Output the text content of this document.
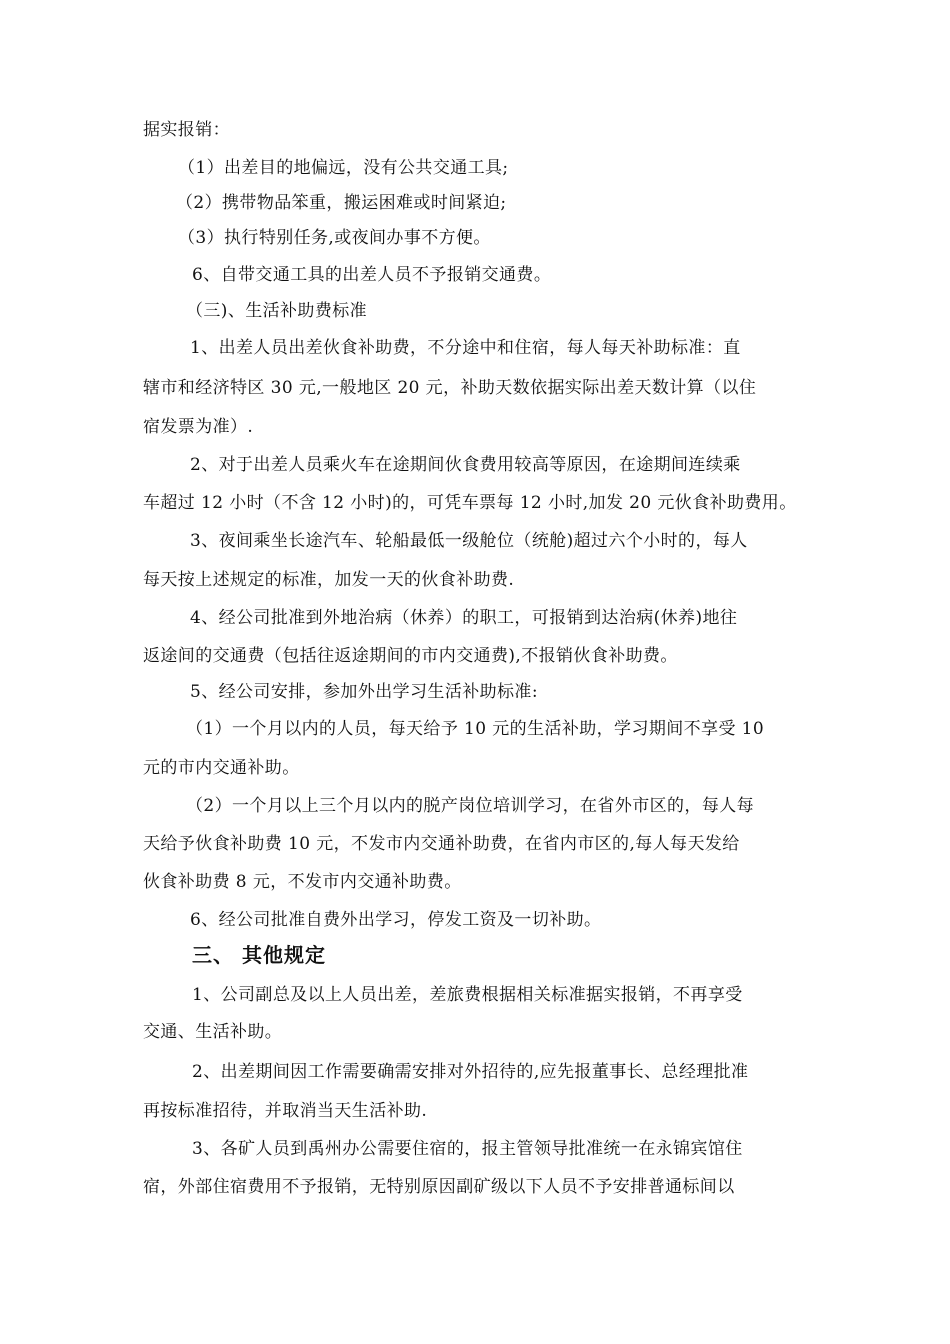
据实报销：
（1）出差目的地偏远，没有公共交通工具;
（2）携带物品笨重，搬运困难或时间紧迫;
（3）执行特别任务,或夜间办事不方便。
6、自带交通工具的出差人员不予报销交通费。
（三)、生活补助费标准
1、出差人员出差伙食补助费，不分途中和住宿，每人每天补助标准：直
辖市和经济特区 30 元,一般地区 20 元，补助天数依据实际出差天数计算（以住
宿发票为准）.
2、对于出差人员乘火车在途期间伙食费用较高等原因，在途期间连续乘
车超过 12 小时（不含 12 小时)的，可凭车票每 12 小时,加发 20 元伙食补助费用。
3、夜间乘坐长途汽车、轮船最低一级舱位（统舱)超过六个小时的，每人
每天按上述规定的标准，加发一天的伙食补助费.
4、经公司批准到外地治病（休养）的职工，可报销到达治病(休养)地往
返途间的交通费（包括往返途期间的市内交通费),不报销伙食补助费。
5、经公司安排，参加外出学习生活补助标准:
（1）一个月以内的人员，每天给予 10 元的生活补助，学习期间不享受 10
元的市内交通补助。
（2）一个月以上三个月以内的脱产岗位培训学习，在省外市区的，每人每
天给予伙食补助费 10 元，不发市内交通补助费，在省内市区的,每人每天发给
伙食补助费 8 元，不发市内交通补助费。
6、经公司批准自费外出学习，停发工资及一切补助。
三、 其他规定
1、公司副总及以上人员出差，差旅费根据相关标准据实报销，不再享受
交通、生活补助。
2、出差期间因工作需要确需安排对外招待的,应先报董事长、总经理批准
再按标准招待，并取消当天生活补助.
3、各矿人员到禹州办公需要住宿的，报主管领导批准统一在永锦宾馆住
宿，外部住宿费用不予报销，无特别原因副矿级以下人员不予安排普通标间以
